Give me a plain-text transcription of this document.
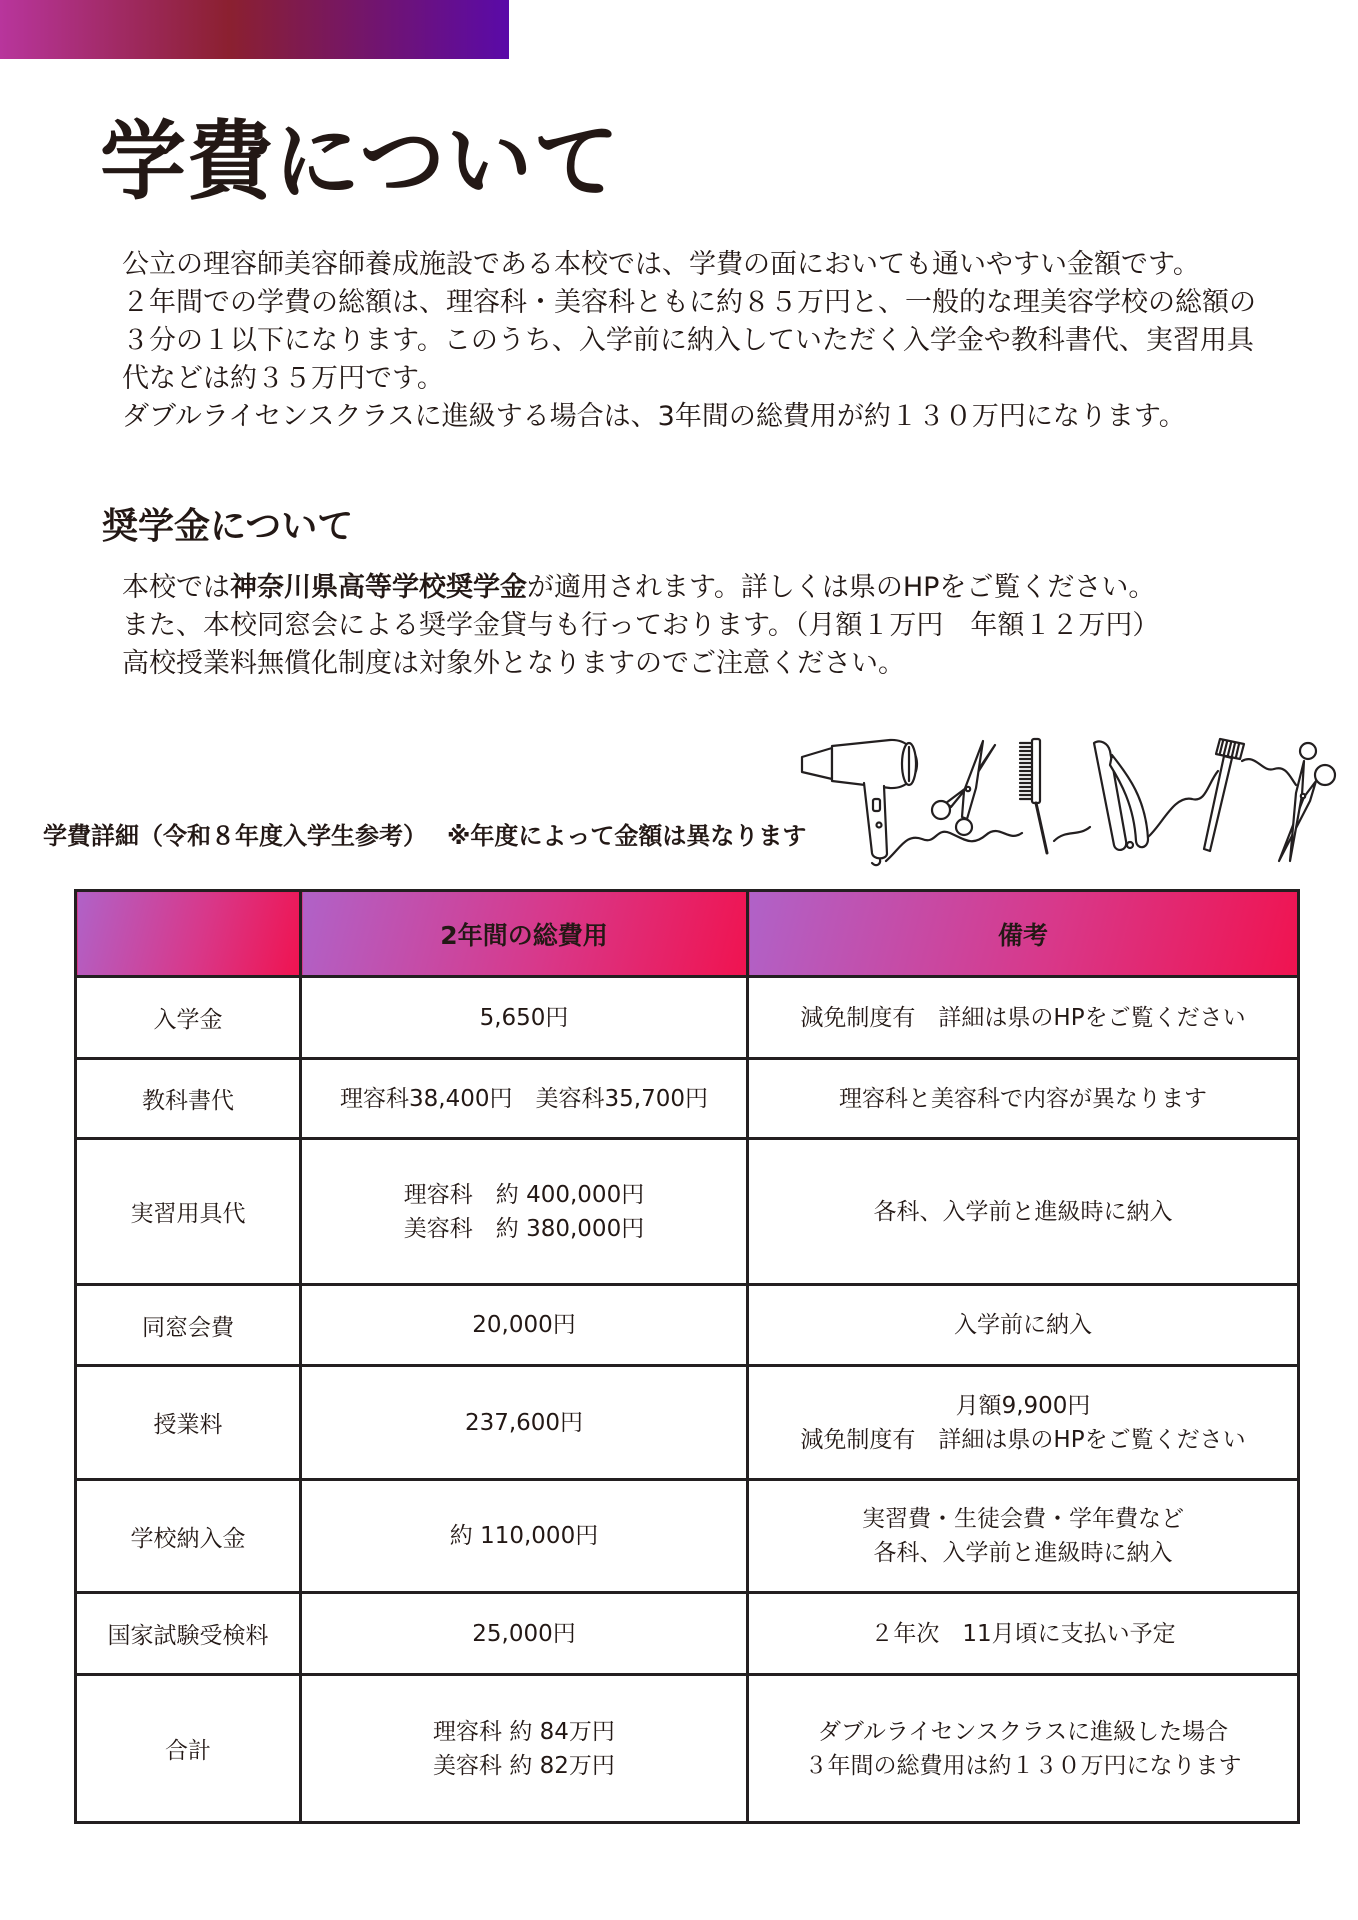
学費について
公立の理容師美容師養成施設である本校では、学費の面においても通いやすい金額です。
２年間での学費の総額は、理容科・美容科ともに約８５万円と、一般的な理美容学校の総額の
３分の１以下になります。このうち、入学前に納入していただく入学金や教科書代、実習用具
代などは約３５万円です。
ダブルライセンスクラスに進級する場合は、3年間の総費用が約１３０万円になります。
奨学金について
本校では神奈川県高等学校奨学金が適用されます。詳しくは県のHPをご覧ください。
また、本校同窓会による奨学金貸与も行っております。（月額１万円　年額１２万円）
高校授業料無償化制度は対象外となりますのでご注意ください。
学費詳細（令和８年度入学生参考） ※年度によって金額は異なります
	2年間の総費用	備考
入学金	5,650円	減免制度有　詳細は県のHPをご覧ください

教科書代	理容科38,400円　美容科35,700円	理容科と美容科で内容が異なります

実習用具代	理容科　約 400,000円
美容科　約 380,000円	各科、入学前と進級時に納入

同窓会費	20,000円	入学前に納入

授業料	237,600円	月額9,900円
減免制度有　詳細は県のHPをご覧ください

学校納入金	約 110,000円	実習費・生徒会費・学年費など
各科、入学前と進級時に納入

国家試験受検料	25,000円	２年次　11月頃に支払い予定

合計	理容科 約 84万円
美容科 約 82万円	ダブルライセンスクラスに進級した場合
３年間の総費用は約１３０万円になります
